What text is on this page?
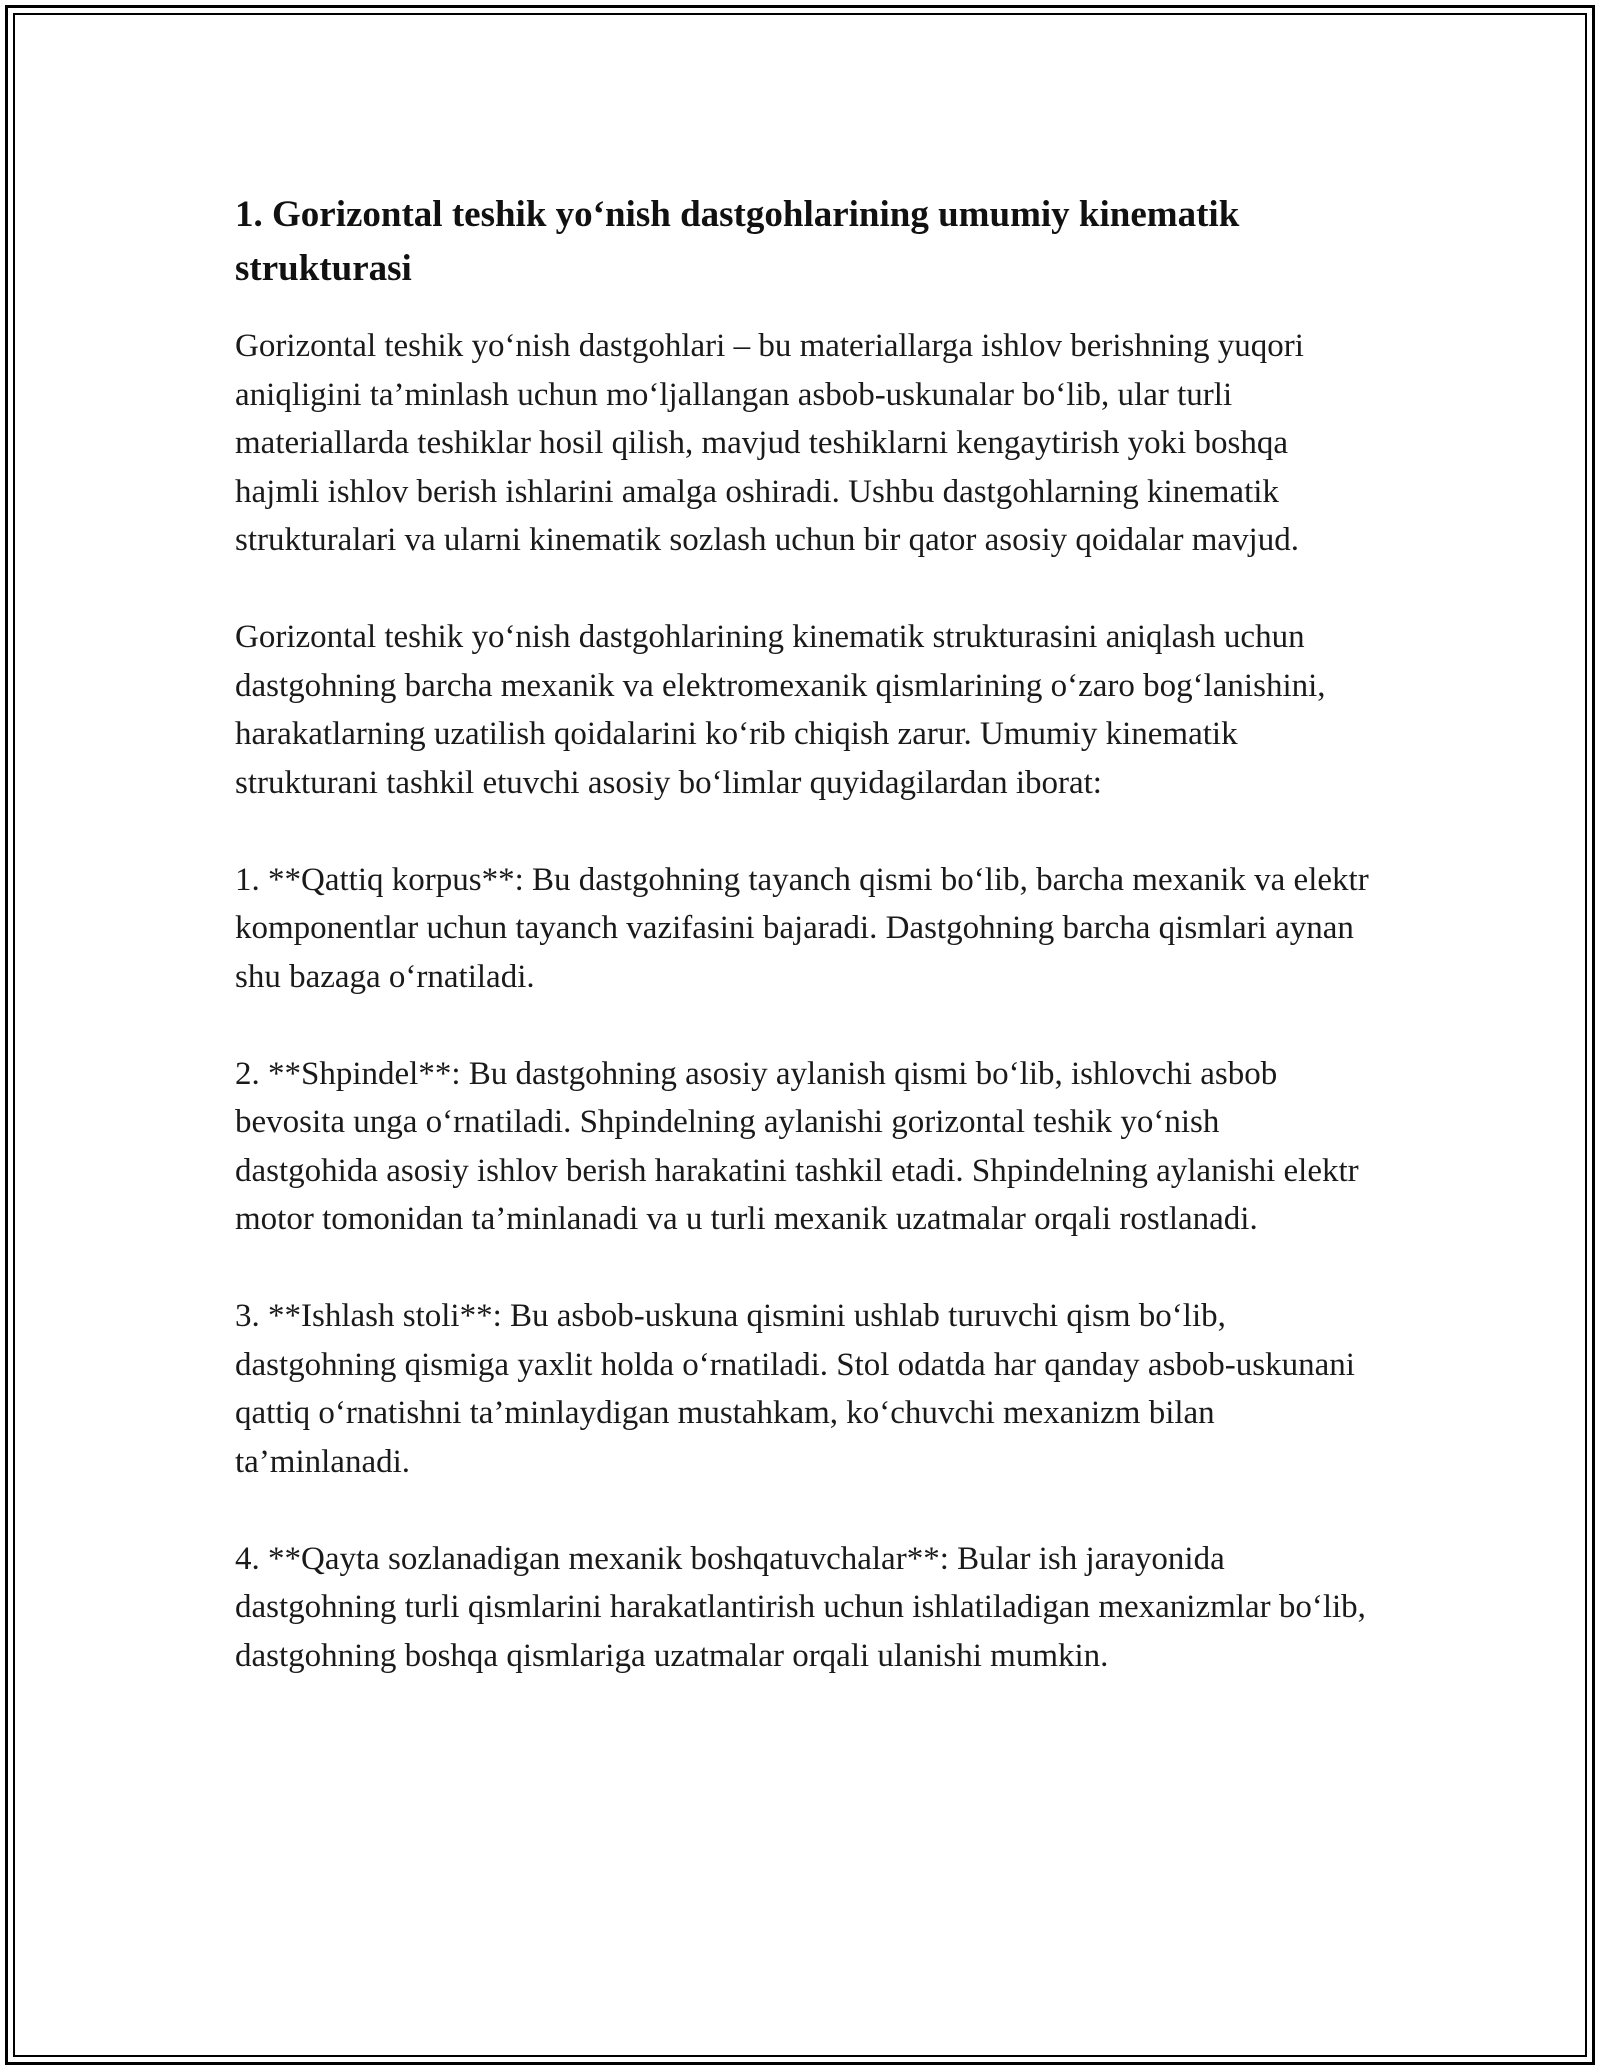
1. Gorizontal teshik yo‘nish dastgohlarining umumiy kinematik strukturasi

Gorizontal teshik yo‘nish dastgohlari – bu materiallarga ishlov berishning yuqori aniqligini ta’minlash uchun mo‘ljallangan asbob-uskunalar bo‘lib, ular turli materiallarda teshiklar hosil qilish, mavjud teshiklarni kengaytirish yoki boshqa hajmli ishlov berish ishlarini amalga oshiradi. Ushbu dastgohlarning kinematik strukturalari va ularni kinematik sozlash uchun bir qator asosiy qoidalar mavjud.

Gorizontal teshik yo‘nish dastgohlarining kinematik strukturasini aniqlash uchun dastgohning barcha mexanik va elektromexanik qismlarining o‘zaro bog‘lanishini, harakatlarning uzatilish qoidalarini ko‘rib chiqish zarur. Umumiy kinematik strukturani tashkil etuvchi asosiy bo‘limlar quyidagilardan iborat:

1. **Qattiq korpus**: Bu dastgohning tayanch qismi bo‘lib, barcha mexanik va elektr komponentlar uchun tayanch vazifasini bajaradi. Dastgohning barcha qismlari aynan shu bazaga o‘rnatiladi.

2. **Shpindel**: Bu dastgohning asosiy aylanish qismi bo‘lib, ishlovchi asbob bevosita unga o‘rnatiladi. Shpindelning aylanishi gorizontal teshik yo‘nish dastgohida asosiy ishlov berish harakatini tashkil etadi. Shpindelning aylanishi elektr motor tomonidan ta’minlanadi va u turli mexanik uzatmalar orqali rostlanadi.

3. **Ishlash stoli**: Bu asbob-uskuna qismini ushlab turuvchi qism bo‘lib, dastgohning qismiga yaxlit holda o‘rnatiladi. Stol odatda har qanday asbob-uskunani qattiq o‘rnatishni ta’minlaydigan mustahkam, ko‘chuvchi mexanizm bilan ta’minlanadi.

4. **Qayta sozlanadigan mexanik boshqatuvchalar**: Bular ish jarayonida dastgohning turli qismlarini harakatlantirish uchun ishlatiladigan mexanizmlar bo‘lib, dastgohning boshqa qismlariga uzatmalar orqali ulanishi mumkin.
